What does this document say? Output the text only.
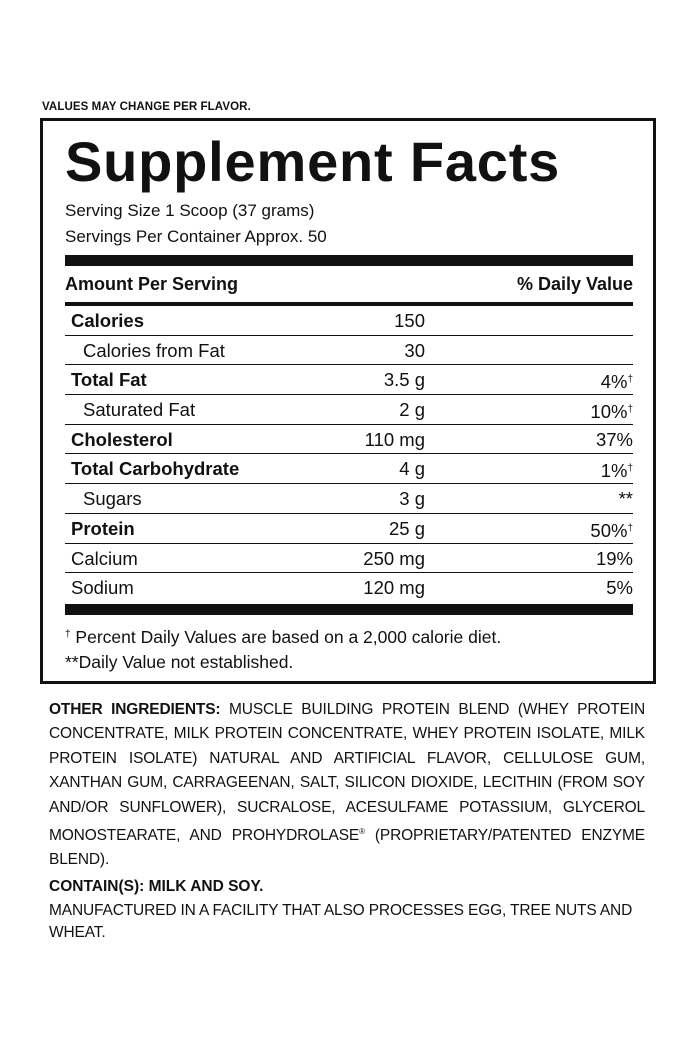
VALUES MAY CHANGE PER FLAVOR.
Supplement Facts
Serving Size 1 Scoop (37 grams)
Servings Per Container Approx. 50
Amount Per Serving	% Daily Value
Calories	150
Calories from Fat	30
Total Fat	3.5 g	4%†
Saturated Fat	2 g	10%†
Cholesterol	110 mg	37%
Total Carbohydrate	4 g	1%†
Sugars	3 g	**
Protein	25 g	50%†
Calcium	250 mg	19%
Sodium	120 mg	5%
† Percent Daily Values are based on a 2,000 calorie diet.
**Daily Value not established.

OTHER INGREDIENTS: MUSCLE BUILDING PROTEIN BLEND (WHEY PROTEIN CONCENTRATE, MILK PROTEIN CONCENTRATE, WHEY PROTEIN ISOLATE, MILK PROTEIN ISOLATE) NATURAL AND ARTIFICIAL FLAVOR, CELLULOSE GUM, XANTHAN GUM, CARRAGEENAN, SALT, SILICON DIOXIDE, LECITHIN (FROM SOY AND/OR SUNFLOWER), SUCRALOSE, ACESULFAME POTASSIUM, GLYCEROL MONOSTEARATE, AND PROHYDROLASE® (PROPRIETARY/PATENTED ENZYME BLEND).

CONTAIN(S): MILK AND SOY.

MANUFACTURED IN A FACILITY THAT ALSO PROCESSES EGG, TREE NUTS AND WHEAT.
